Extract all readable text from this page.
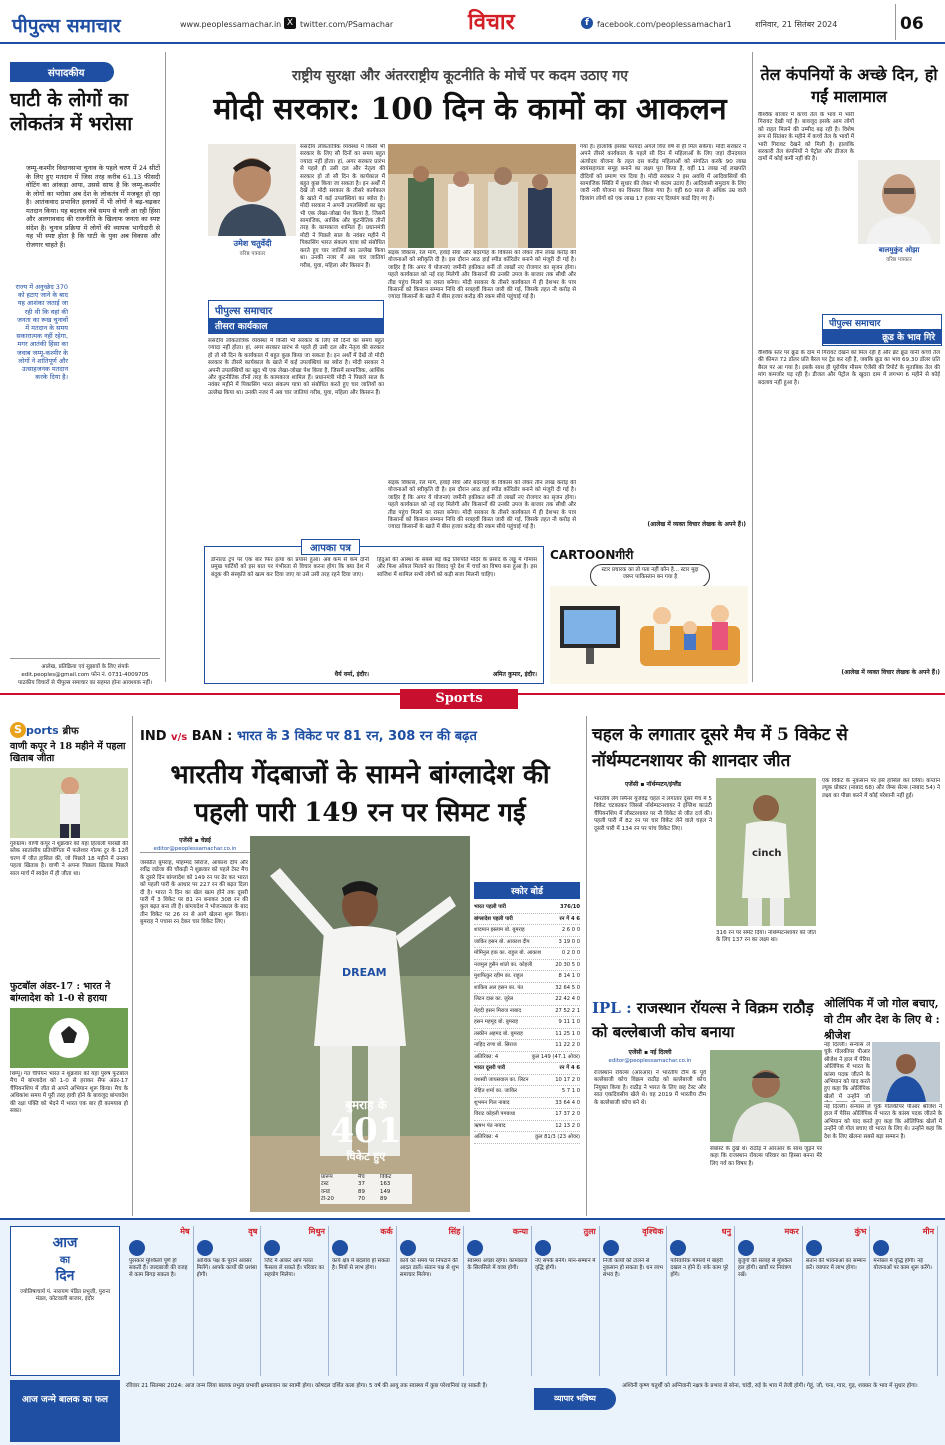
पीपुल्स समाचार	www.peoplessamachar.in X twitter.com/PSamachar	विचार	f	facebook.com/peoplessamachar1	शनिवार, 21 सितंबर 2024	06
संपादकीय
घाटी के लोगों का लोकतंत्र में भरोसा
जम्मू-कश्मीर विधानसभा चुनाव के पहले चरण में 24 सीटों के लिए हुए मतदान में जिस तरह करीब 61.13 फीसदी वोटिंग का आंकड़ा आया, उससे साफ है कि जम्मू-कश्मीर के लोगों का भरोसा अब देश के लोकतंत्र में मजबूत हो रहा है। आतंकवाद प्रभावित इलाकों में भी लोगों ने बढ़-चढ़कर मतदान किया। यह बदलाव लंबे समय से चली आ रही हिंसा और अलगाववाद की राजनीति के खिलाफ जनता का स्पष्ट संदेश है। चुनाव प्रक्रिया में लोगों की व्यापक भागीदारी से यह भी स्पष्ट होता है कि घाटी के युवा अब विकास और रोजगार चाहते हैं।
राज्य में अनुच्छेद 370 को हटाए जाने के बाद यह आशंका जताई जा रही थी कि वहां की जनता का रूख चुनावों में मतदान के समय सकारात्मक नहीं रहेगा, मगर आतंकी हिंसा का जवाब जम्मू-कश्मीर के लोगों ने शांतिपूर्ण और उत्साहजनक मतदान करके दिया है।
आलेख, प्रतिक्रिया एवं सुझावों के लिए संपर्क
edit.peoples@gmail.com फोन नं. 0731-4009705
पाठकीय विचारों से पीपुल्स समाचार का सहमत होना आवश्यक नहीं।
राष्ट्रीय सुरक्षा और अंतरराष्ट्रीय कूटनीति के मोर्चे पर कदम उठाए गए
मोदी सरकार: 100 दिन के कामों का आकलन
उमेश चतुर्वेदी
वरिष्ठ पत्रकार
संसदीय लोकतांत्रिक व्यवस्था में किसी भी सरकार के लिए सौ दिनों का समय बहुत ज्यादा नहीं होता। हां, अगर सरकार प्रारंभ से पहले ही उसी दल और नेतृत्व की सरकार हो तो सौ दिन के कार्यकाल में बहुत कुछ किया जा सकता है। इन अर्थों में देखें तो मोदी सरकार के तीसरे कार्यकाल के खाते में कई उपलब्धियां का ब्योरा है। मोदी सरकार ने अपनी उपलब्धियों का खुद भी एक लेखा-जोखा पेश किया है, जिसमें सामाजिक, आर्थिक और कूटनीतिक तीनों तरह के कामकाज शामिल हैं। प्रधानमंत्री मोदी ने पिछले साल के नवंबर महीने में पिकासिंग भारत संकल्प यात्रा को संबोधित करते हुए चार जातियों का उल्लेख किया था। उनकी नजर में अब चार जातियां गरीब, युवा, महिला और किसान हैं।
सड़क विकास, रेल मार्ग, हवाई सेवा और बंदरगाह के विकास को लेकर तीन लाख करोड़ की योजनाओं को स्वीकृति दी है। इस दौरान आठ हाई स्पीड कॉरिडोर बनाने को मंजूरी दी गई है। जाहिर है कि अगर ये योजनाएं जमीनी हकीकत बनीं तो लाखों नए रोजगार का सृजन होगा। पहले कार्यकाल को नई राह मिलेगी और किसानों की उनकी उपज के बाजार तक सीधी और तीव्र पहुंच मिलने का रास्ता बनेगा। मोदी सरकार के तीसरे कार्यकाल में ही देशभर के पात्र किसानों को किसान सम्मान निधि की सत्रहवीं किस्त जारी की गई, जिसके तहत नौ करोड़ से ज्यादा किसानों के खाते में बीस हजार करोड़ की रकम सीधे पहुंचाई गई है।
गया है। हालांकि इसका फायदा अगले वित्त वर्ष से ही मिल सकेगा। मोदी सरकार ने अपने तीसरे कार्यकाल के पहले सौ दिन में महिलाओं के लिए जहां दीनदयाल अंत्योदय योजना के तहत दस करोड़ महिलाओं को संगठित करके 90 लाख स्वयंसहायता समूह बनाने का लक्ष्य पूरा किया है, वहीं 11 लाख नई लखपति दीदियों को प्रमाण पत्र दिया है। मोदी सरकार ने इस अवधि में आदिवासियों की सामाजिक स्थिति में सुधार की लेकर भी कदम उठाए हैं। आदिवासी समुदाय के लिए जारी नयी योजना का विस्तार किया गया है। वहीं 60 साल से अधिक उम्र वाले दिव्यांग लोगों को एक लाख 17 हजार नए दिव्यांग कार्ड दिए गए हैं।
पीपुल्स समाचार
तीसरा कार्यकाल
संसदीय लोकतांत्रिक व्यवस्था में किसी भी सरकार के लिए सौ दिनों का समय बहुत ज्यादा नहीं होता। हां, अगर सरकार प्रारंभ से पहले ही उसी दल और नेतृत्व की सरकार हो तो सौ दिन के कार्यकाल में बहुत कुछ किया जा सकता है। इन अर्थों में देखें तो मोदी सरकार के तीसरे कार्यकाल के खाते में कई उपलब्धियां का ब्योरा है। मोदी सरकार ने अपनी उपलब्धियों का खुद भी एक लेखा-जोखा पेश किया है, जिसमें सामाजिक, आर्थिक और कूटनीतिक तीनों तरह के कामकाज शामिल हैं। प्रधानमंत्री मोदी ने पिछले साल के नवंबर महीने में पिकासिंग भारत संकल्प यात्रा को संबोधित करते हुए चार जातियों का उल्लेख किया था। उनकी नजर में अब चार जातियां गरीब, युवा, महिला और किसान हैं।
सड़क विकास, रेल मार्ग, हवाई सेवा और बंदरगाह के विकास को लेकर तीन लाख करोड़ की योजनाओं को स्वीकृति दी है। इस दौरान आठ हाई स्पीड कॉरिडोर बनाने को मंजूरी दी गई है। जाहिर है कि अगर ये योजनाएं जमीनी हकीकत बनीं तो लाखों नए रोजगार का सृजन होगा। पहले कार्यकाल को नई राह मिलेगी और किसानों की उनकी उपज के बाजार तक सीधी और तीव्र पहुंच मिलने का रास्ता बनेगा। मोदी सरकार के तीसरे कार्यकाल में ही देशभर के पात्र किसानों को किसान सम्मान निधि की सत्रहवीं किस्त जारी की गई, जिसके तहत नौ करोड़ से ज्यादा किसानों के खाते में बीस हजार करोड़ की रकम सीधे पहुंचाई गई है।	(आलेख में व्यक्त विचार लेखक के अपने हैं।)
आपका पत्र
डोनाल्ड ट्रंप पर एक बार फिर हत्या का प्रयास हुआ। अब कम से कम दोनों प्रमुख पार्टियों को इस बात पर गंभीरता से विचार करना होगा कि क्या देश में बंदूक की संस्कृति को खत्म कर दिया जाए या उसे उसी तरह रहने दिया जाए।
धैर्य वर्मा, इंदौर।
हिंदुओं की आस्था के सबसे बड़े केंद्र तिरुपति मंदिर के प्रसाद के लड्डू में गोमांस और फिश ऑयल मिलाने का विवाद पूरे देश में चर्चा का विषय बना हुआ है। इस साजिश में शामिल सभी लोगों को कड़ी सजा मिलनी चाहिए।
अमित कुमार, इंदौर।
CARTOONगीरी
स्टार प्रचारक का तो पता नहीं कौन है... स्टार मुद्दा जरूर पाकिस्तान बन गया है
तेल कंपनियों के अच्छे दिन, हो गईं मालामाल
वैश्विक बाजार में कच्चे तेल के भाव में भारी गिरावट देखी गई है। बावजूद इसके आम लोगों को राहत मिलने की उम्मीद बढ़ रही है। विशेष रूप से सितंबर के महीने में कच्चे तेल के भावों में भारी गिरावट देखने को मिली है। हालांकि सरकारी तेल कंपनियों ने पेट्रोल और डीजल के दामों में कोई कमी नहीं की है।
बालमुकुंद ओझा
वरिष्ठ पत्रकार
पीपुल्स समाचार
क्रूड के भाव गिरे
वैश्विक स्तर पर क्रूड के दाम में गिरावट देखने को मिल रही है और ब्रेंट क्रूड यानी कच्चे तेल की कीमत 72 डॉलर प्रति बैरल पर ट्रेड कर रही है, जबकि क्रूड का भाव 69.30 डॉलर प्रति बैरल पर आ गया है। इसके साथ ही यूरोपीय मौसम ऐजेंसी की रिपोर्ट के मुताबिक तेल की मांग कमजोर पड़ रही है। डीजल और पेट्रोल के खुदरा दाम में लगभग 6 महीने से कोई बदलाव नहीं हुआ है।
(आलेख में व्यक्त विचार लेखक के अपने हैं।)
Sports
S ports ब्रीफ
वाणी कपूर ने 18 महीने में पहला खिताब जीता
गुरुग्राम। वाणी कपूर ने शुक्रवार को यहां हिलाली पारखी की ब्लेक सातांसीय प्रतियोगिता में फलेश्वर गोल्फ टूर के 12वें चरण में जीत हासिल की, जो पिछले 18 महीने में उनका पहला खिताब है। वाणी ने अपना पिछला खिताब पिछले साल मार्च में स्वदेश में ही जीता था।
फुटबॉल अंडर-17 : भारत ने बांग्लादेश को 1-0 से हराया
थिम्पू। गत चैंपियन भारत ने शुक्रवार को यहां पुरुष फुटबॉल मैच में बांग्लादेश को 1-0 से हराकर सैफ अंडर-17 चैंपियनशिप में जीत से अपने अभियान शुरू किया। मैच के अधिकांश समय में पूरी तरह हावी होने के बावजूद बांग्लादेश की रक्षा पंक्ति को भेदने में भारत एक बार ही कामयाब हो सका।
IND v/s BAN : भारत के 3 विकेट पर 81 रन, 308 रन की बढ़त
भारतीय गेंदबाजों के सामने बांग्लादेश की पहली पारी 149 रन पर सिमट गई
एजेंसी ▪ चेन्नई
editor@peoplessamachar.co.in
DREAM
बुमराह के
401
विकेट हुए
प्रारूप	मैच	विकेट
टेस्ट	37	163
वनडे	89	149
टी-20	70	89
जसप्रीत बुमराह, मोहम्मद सिराज, आकाश दीप और रवींद्र जडेजा की चौकड़ी ने शुक्रवार को पहले टेस्ट मैच के दूसरे दिन बांग्लादेश को 149 रन पर ढेर कर भारत को पहली पारी के आधार पर 227 रन की बढ़त दिला दी है। भारत ने दिन का खेल खत्म होने तक दूसरी पारी में 3 विकेट पर 81 रन बनाकर 308 रन की कुल बढ़त बना ली है। बांग्लादेश ने भोजनकाल के बाद तीन विकेट पर 26 रन से आगे खेलना शुरू किया। बुमराह ने पचास रन देकर चार विकेट लिए।
स्कोर बोर्ड
भारत पहली पारी	376/10
बांग्लादेश पहली पारी	रन गें 4 6
शादमान इस्लाम बो. बुमराह	2 6 0 0
जाकिर हसन बो. आकाश दीप	3 19 0 0
मोमिनुल हक का. राहुल बो. आकाश	0 2 0 0
नजमुल हुसैन शांतो का. कोहली	20 30 5 0
मुशफिकुर रहीम का. राहुल	8 14 1 0
शाकिब अल हसन का. पंत	32 64 5 0
लिटन दास का. जुरेल	22 42 4 0
मेहदी हसन मिराज नाबाद	27 52 2 1
हसन महमूद बो. बुमराह	9 11 1 0
तस्कीन अहमद बो. बुमराह	11 25 1 0
नाहिद राणा बो. सिराज	11 22 2 0
अतिरिक्त: 4	कुल 149 (47.1 ओवर)
भारत दूसरी पारी	रन गें 4 6
यशस्वी जायसवाल का. लिटन	10 17 2 0
रोहित शर्मा का. जाकिर	5 7 1 0
शुभमन गिल नाबाद	33 64 4 0
विराट कोहली पगबाधा	17 37 2 0
ऋषभ पंत नाबाद	12 13 2 0
अतिरिक्त: 4	कुल 81/3 (23 ओवर)
चहल के लगातार दूसरे मैच में 5 विकेट से नॉर्थम्पटनशायर की शानदार जीत
एजेंसी ▪ नॉर्थम्पटन/इंग्लैंड
भारतीय लेग स्पिनर युजवेंद्र चहल ने लगातार दूसरे मैच में 5 विकेट चटकाकर जिससे नॉर्थम्पटनशायर ने इंग्लिश काउंटी चैंपियनशिप में लीस्टरशायर पर नौ विकेट से जीत दर्ज की। पहली पारी में 82 रन पर चार विकेट लेने वाले चहल ने दूसरी पारी में 134 रन पर पांच विकेट लिए।
cinch
316 रन पर समेट दिया। नॉर्थम्पटनशायर को जीत के लिए 137 रन का लक्ष्य था।
एक विकेट के नुकसान पर इसे हासिल कर लिया। कप्तान ल्यूक प्रोक्टर (नाबाद 68) और जेम्स सेल्स (नाबाद 54) ने लक्ष्य का पीछा करने में कोई परेशानी नहीं हुई।
IPL : राजस्थान रॉयल्स ने विक्रम राठौड़ को बल्लेबाजी कोच बनाया
एजेंसी ▪ नई दिल्ली
editor@peoplessamachar.co.in
राजस्थान रॉयल्स (आरआर) ने भारतीय टीम के पूर्व बल्लेबाजी कोच विक्रम राठौड़ को बल्लेबाजी कोच नियुक्त किया है। राठौड़ ने भारत के लिए छह टेस्ट और सात एकदिवसीय खेले थे। वह 2019 में भारतीय टीम के बल्लेबाजी कोच बने थे।
सेबास्ट के दुखे थे। राठौड़ ने आरआर के साथ जुड़ने पर कहा कि राजस्थान रॉयल्स परिवार का हिस्सा बनना मेरे लिए गर्व का विषय है।
ओलिंपिक में जो गोल बचाए, वो टीम और देश के लिए थे : श्रीजेश
नई दिल्ली। संन्यास ले चुके गोलकीपर पीआर श्रीजेश ने हाल में पेरिस ओलिंपिक में भारत के कांस्य पदक जीतने के अभियान को याद करते हुए कहा कि ओलिंपिक खेलों में उन्होंने जो
नई दिल्ली। संन्यास ले चुके गोलकीपर पीआर श्रीजेश ने हाल में पेरिस ओलिंपिक में भारत के कांस्य पदक जीतने के अभियान को याद करते हुए कहा कि ओलिंपिक खेलों में उन्होंने जो गोल बचाए वो भारत के लिए थे। उन्होंने कहा कि देश के लिए खेलना सबसे बड़ा सम्मान है।
आज
का
दिन
ज्योतिषाचार्य पं. नारायण पंडित प्रभु‍जी, पुराना मंडल, कोटवाली बाजार, इंदौर
मेष
पुरस्कार मुश्किलों पूर्ण हो सकती हैं। जल्दबाजी की वजह से काम बिगड़ सकता है।
वृष
आर्थिक पक्ष के पुराने अवसर मिलेंगे। आपके कार्यों की प्रशंसा होगी।
मिथुन
जिद में आकर आप गलत फैसला ले सकते हैं। परिवार का सहयोग मिलेगा।
कर्क
कार्य क्षेत्र में बदलाव हो सकता है। मित्रों से लाभ होगा।
सिंह
कार्य को समय पर निपटाने की आदत डालें। संतान पक्ष से शुभ समाचार मिलेगा।
कन्या
स्वास्थ्य अच्छा रहेगा। कामकाज के सिलसिले में यात्रा होगी।
तुला
नए संपर्क बनेंगे। मान-सम्मान में वृद्धि होगी।
वृश्चिक
निजी कार्यों को टालने से नुकसान हो सकता है। धन लाभ संभव है।
धनु
पारिवारिक मामलों में बाहरी दखल न होने दें। रुके काम पूरे होंगे।
मकर
बुजुर्गों की सलाह से मुश्किल हल होगी। खर्चों पर नियंत्रण रखें।
कुंभ
संतान की भावनाओं का सम्मान करें। व्यापार में लाभ होगा।
मीन
मनोबल में वृद्धि होगी। नई योजनाओं पर काम शुरू करेंगे।
आज जन्मे बालक का फल
रविवार 21 सितम्बर 2024: आज जन्म लिया बालक प्रभुत्व प्रभावी क्षमतावान का स्वामी होगा। कोषदल दर्शित कला होगा। 5 वर्ष की आयु तक स्वास्थ्य में कुछ परेशानियां रह सकती हैं।
व्यापार भविष्य
अश्विनी कृष्ण चतुर्थी को अग्निवानी नक्षत्र के प्रभाव से सोना, चांदी, रुई के भाव में तेजी होगी। गेहूं, जौ, चना, ग्वार, गुड़, शक्कर के भाव में सुधार होगा।
